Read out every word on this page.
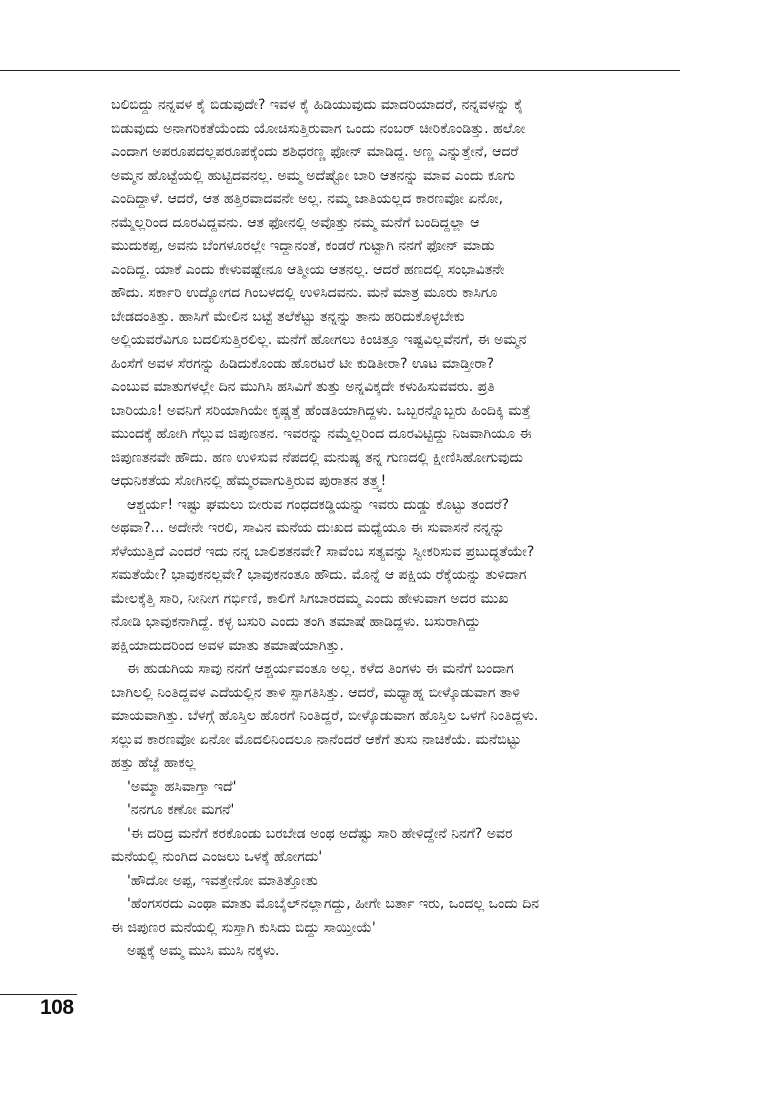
ಬಲಿಬಿದ್ದು ನನ್ನವಳ ಕೈ ಬಿಡುವುದೇ? ಇವಳ ಕೈ ಹಿಡಿಯುವುದು ಮಾದರಿಯಾದರೆ, ನನ್ನವಳನ್ನು ಕೈ
ಬಿಡುವುದು ಅನಾಗರಿಕತೆಯೆಂದು ಯೋಚಿಸುತ್ತಿರುವಾಗ ಒಂದು ನಂಬರ್ ಚೀರಿಕೊಂಡಿತ್ತು. ಹಲೋ
ಎಂದಾಗ ಅಪರೂಪದಲ್ಲಪರೂಪಕ್ಕೆಂದು ಶಶಿಧರಣ್ಣ ಫೋನ್ ಮಾಡಿದ್ದ. ಅಣ್ಣ ಎನ್ನುತ್ತೇನೆ, ಆದರೆ
ಅಮ್ಮನ ಹೊಟ್ಟೆಯಲ್ಲಿ ಹುಟ್ಟಿದವನಲ್ಲ. ಅಮ್ಮ ಅದೆಷ್ಟೋ ಬಾರಿ ಆತನನ್ನು ಮಾವ ಎಂದು ಕೂಗು
ಎಂದಿದ್ದಾಳೆ. ಆದರೆ, ಆತ ಹತ್ತಿರವಾದವನೇ ಅಲ್ಲ. ನಮ್ಮ ಜಾತಿಯಲ್ಲದ ಕಾರಣವೋ ಏನೋ,
ನಮ್ಮೆಲ್ಲರಿಂದ ದೂರವಿದ್ದವನು. ಆತ ಫೋನಲ್ಲಿ ಅವೊತ್ತು ನಮ್ಮ ಮನೆಗೆ ಬಂದಿದ್ದಲ್ಲಾ ಆ
ಮುದುಕಪ್ಪ, ಅವನು ಬೆಂಗಳೂರಲ್ಲೇ ಇದ್ದಾನಂತೆ, ಕಂಡರೆ ಗುಟ್ಟಾಗಿ ನನಗೆ ಫೋನ್ ಮಾಡು
ಎಂದಿದ್ದ. ಯಾಕೆ ಎಂದು ಕೇಳುವಷ್ಟೇನೂ ಆತ್ಮೀಯ ಆತನಲ್ಲ. ಆದರೆ ಹಣದಲ್ಲಿ ಸಂಭಾವಿತನೇ
ಹೌದು. ಸರ್ಕಾರಿ ಉದ್ಯೋಗದ ಗಿಂಬಳದಲ್ಲಿ ಉಳಿಸಿದವನು. ಮನೆ ಮಾತ್ರ ಮೂರು ಕಾಸಿಗೂ
ಬೇಡದಂತಿತ್ತು. ಹಾಸಿಗೆ ಮೇಲಿನ ಬಟ್ಟೆ ತಲೆಕೆಟ್ಟು ತನ್ನನ್ನು ತಾನು ಹರಿದುಕೊಳ್ಳಬೇಕು
ಅಲ್ಲಿಯವರೆವಿಗೂ ಬದಲಿಸುತ್ತಿರಲಿಲ್ಲ. ಮನೆಗೆ ಹೋಗಲು ಕಿಂಚಿತ್ತೂ ಇಷ್ಟವಿಲ್ಲವೆನಗೆ, ಈ ಅಮ್ಮನ
ಹಿಂಸೆಗೆ ಅವಳ ಸೆರಗನ್ನು ಹಿಡಿದುಕೊಂಡು ಹೊರಟರೆ ಟೀ ಕುಡಿತೀರಾ? ಊಟ ಮಾಡ್ತೀರಾ?
ಎಂಬುವ ಮಾತುಗಳಲ್ಲೇ ದಿನ ಮುಗಿಸಿ ಹಸಿವಿಗೆ ತುತ್ತು ಅನ್ನವಿಕ್ಕದೇ ಕಳುಹಿಸುವವರು. ಪ್ರತಿ
ಬಾರಿಯೂ! ಅವನಿಗೆ ಸರಿಯಾಗಿಯೇ ಕೃಷ್ಣತ್ತೆ ಹೆಂಡತಿಯಾಗಿದ್ದಳು. ಒಬ್ಬರನ್ನೊಬ್ಬರು ಹಿಂದಿಕ್ಕಿ ಮತ್ತೆ
ಮುಂದಕ್ಕೆ ಹೋಗಿ ಗೆಲ್ಲುವ ಜಿಪುಣತನ. ಇವರನ್ನು ನಮ್ಮೆಲ್ಲರಿಂದ ದೂರವಿಟ್ಟಿದ್ದು ನಿಜವಾಗಿಯೂ ಈ
ಜಿಪುಣತನವೇ ಹೌದು. ಹಣ ಉಳಿಸುವ ನೆಪದಲ್ಲಿ ಮನುಷ್ಯ ತನ್ನ ಗುಣದಲ್ಲಿ ಕ್ಷೀಣಿಸಿಹೋಗುವುದು
ಆಧುನಿಕತೆಯ ಸೋಗಿನಲ್ಲಿ ಹೆಮ್ಮರವಾಗುತ್ತಿರುವ ಪುರಾತನ ತತ್ತ್ವ!
ಆಶ್ಚರ್ಯ! ಇಷ್ಟು ಘಮಲು ಬೀರುವ ಗಂಧದಕಡ್ಡಿಯನ್ನು ಇವರು ದುಡ್ಡು ಕೊಟ್ಟು ತಂದರೆ?
ಅಥವಾ?... ಅದೇನೇ ಇರಲಿ, ಸಾವಿನ ಮನೆಯ ದುಃಖದ ಮಧ್ಯೆಯೂ ಈ ಸುವಾಸನೆ ನನ್ನನ್ನು
ಸೆಳೆಯುತ್ತಿದೆ ಎಂದರೆ ಇದು ನನ್ನ ಬಾಲಿಶತನವೇ? ಸಾವೆಂಬ ಸತ್ಯವನ್ನು ಸ್ವೀಕರಿಸುವ ಪ್ರಬುದ್ಧತೆಯೇ?
ಸಮತೆಯೇ? ಭಾವುಕನಲ್ಲವೇ? ಭಾವುಕನಂತೂ ಹೌದು. ಮೊನ್ನೆ ಆ ಪಕ್ಷಿಯ ರೆಕ್ಕೆಯನ್ನು ತುಳಿದಾಗ
ಮೇಲಕ್ಕೆತ್ತಿ ಸಾರಿ, ನೀನೀಗ ಗರ್ಭಿಣಿ, ಕಾಲಿಗೆ ಸಿಗಬಾರದಮ್ಮ ಎಂದು ಹೇಳುವಾಗ ಅದರ ಮುಖ
ನೋಡಿ ಭಾವುಕನಾಗಿದ್ದೆ. ಕಳ್ಳ ಬಸುರಿ ಎಂದು ತಂಗಿ ತಮಾಷೆ ಹಾಡಿದ್ದಳು. ಬಸುರಾಗಿದ್ದು
ಪಕ್ಷಿಯಾದುದರಿಂದ ಅವಳ ಮಾತು ತಮಾಷೆಯಾಗಿತ್ತು.
ಈ ಹುಡುಗಿಯ ಸಾವು ನನಗೆ ಆಶ್ಚರ್ಯವಂತೂ ಅಲ್ಲ. ಕಳೆದ ತಿಂಗಳು ಈ ಮನೆಗೆ ಬಂದಾಗ
ಬಾಗಿಲಲ್ಲಿ ನಿಂತಿದ್ದವಳ ಎದೆಯಲ್ಲಿನ ತಾಳಿ ಸ್ಪಾಗತಿಸಿತ್ತು. ಆದರೆ, ಮಧ್ಯಾಹ್ನ ಬೀಳ್ಕೊಡುವಾಗ ತಾಳಿ
ಮಾಯವಾಗಿತ್ತು. ಬೆಳಗ್ಗೆ ಹೊಸ್ತಿಲ ಹೊರಗೆ ನಿಂತಿದ್ದರೆ, ಬೀಳ್ಕೊಡುವಾಗ ಹೊಸ್ತಿಲ ಒಳಗೆ ನಿಂತಿದ್ದಳು.
ಸಲ್ಲುವ ಕಾರಣವೋ ಏನೋ ಮೊದಲಿನಿಂದಲೂ ನಾನೆಂದರೆ ಆಕೆಗೆ ತುಸು ನಾಚಿಕೆಯೆ. ಮನೆಬಿಟ್ಟು
ಹತ್ತು ಹೆಜ್ಜೆ ಹಾಕಲ್ಲ
'ಅಮ್ಮಾ ಹಸಿವಾಗ್ತಾ ಇದೆ'
'ನನಗೂ ಕಣೋ ಮಗನೆ'
'ಈ ದರಿದ್ರ ಮನೆಗೆ ಕರಕೊಂಡು ಬರಬೇಡ ಅಂಥ ಅದೆಷ್ಟು ಸಾರಿ ಹೇಳಿದ್ದೇನೆ ನಿನಗೆ? ಅವರ
ಮನೆಯಲ್ಲಿ ನುಂಗಿದ ಎಂಜಲು ಒಳಕ್ಕೆ ಹೋಗದು'
'ಹೌದೋ ಅಪ್ಪ, ಇವತ್ತೇನೋ ಮಾತಿತ್ತೋತು
'ಹೆಂಗಸರದು ಎಂಥಾ ಮಾತು ಮೊಬೈಲ್‌ನಲ್ಲಾಗದ್ದು, ಹೀಗೇ ಬರ್ತಾ ಇರು, ಒಂದಲ್ಲ ಒಂದು ದಿನ
ಈ ಜಿಪುಣರ ಮನೆಯಲ್ಲಿ ಸುಸ್ತಾಗಿ ಕುಸಿದು ಬಿದ್ದು ಸಾಯ್ತೀಯೆ'
ಅಷ್ಟಕ್ಕೆ ಅಮ್ಮ ಮುಸಿ ಮುಸಿ ನಕ್ಕಳು.
108
